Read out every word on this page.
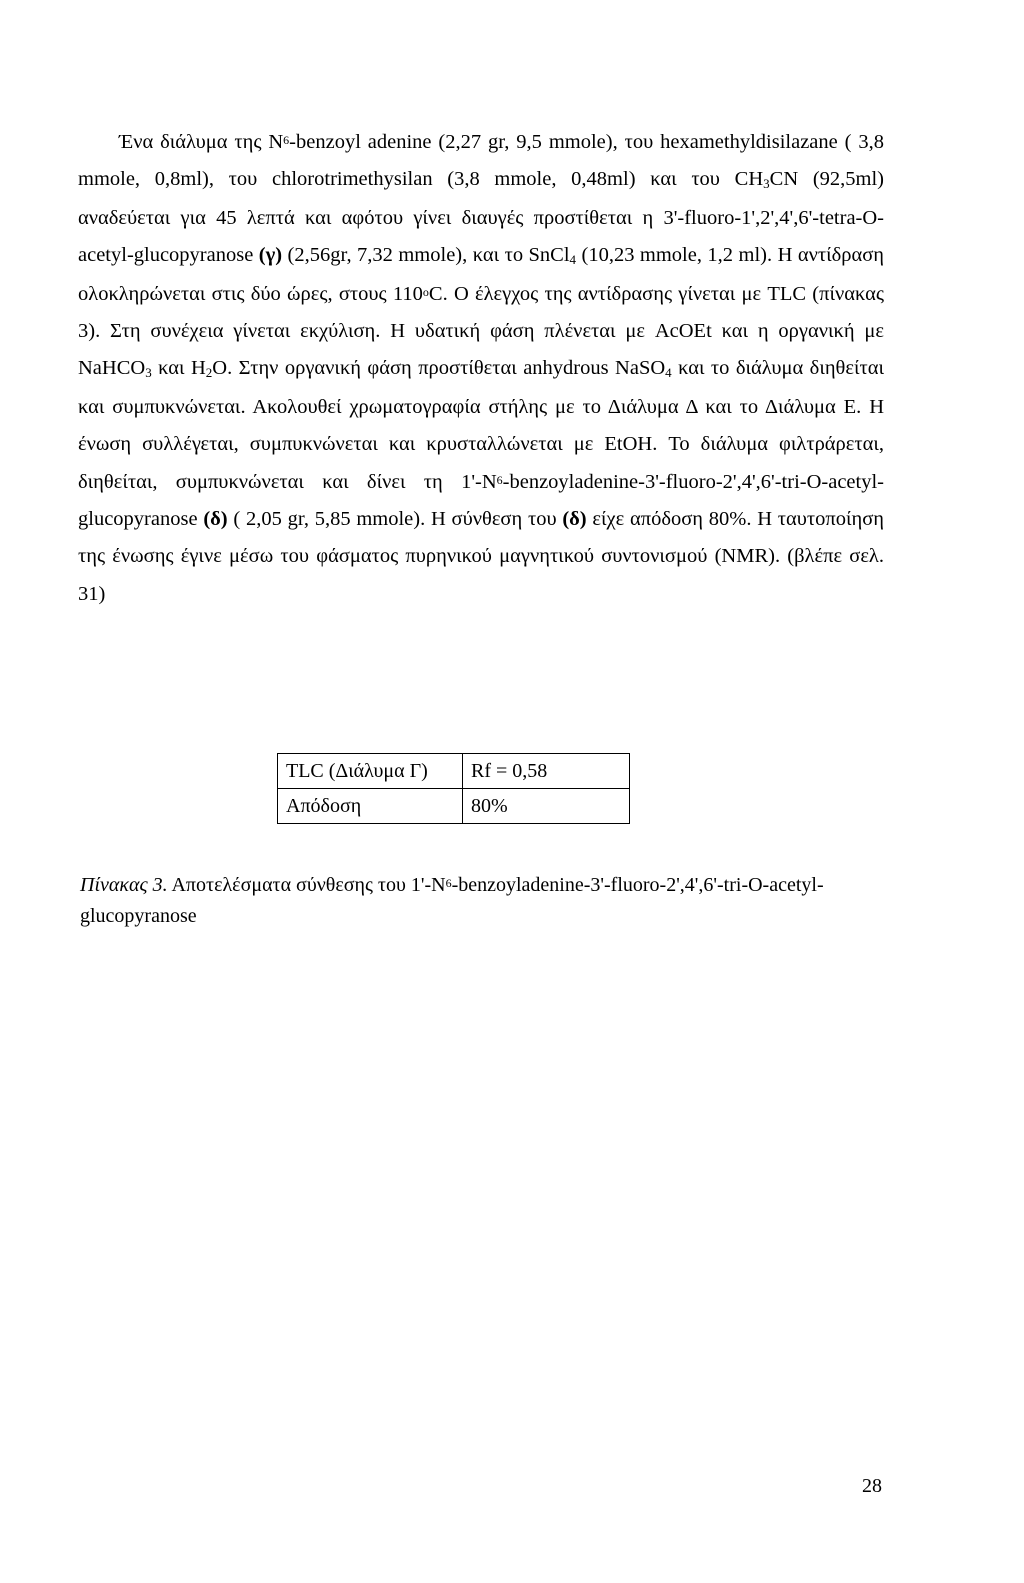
Ένα διάλυμα της $N^6$-benzoyl adenine (2,27 gr, 9,5 mmole), του hexamethyldisilazane ( 3,8 mmole, 0,8ml), του chlorotrimethysilan (3,8 mmole, 0,48ml) και του $CH_3CN$ (92,5ml) αναδεύεται για 45 λεπτά και αφότου γίνει διαυγές προστίθεται η 3'-fluoro-1',2',4',6'-tetra-O-acetyl-glucopyranose (γ) (2,56gr, 7,32 mmole), και το SnCl$_4$ (10,23 mmole, 1,2 ml). Η αντίδραση ολοκληρώνεται στις δύο ώρες, στους 110$^o$C. Ο έλεγχος της αντίδρασης γίνεται με TLC (πίνακας 3). Στη συνέχεια γίνεται εκχύλιση. Η υδατική φάση πλένεται με AcOEt και η οργανική με NaHCO$_3$ και $H_2O$. Στην οργανική φάση προστίθεται anhydrous NaSO$_4$ και το διάλυμα διηθείται και συμπυκνώνεται. Ακολουθεί χρωματογραφία στήλης με το Διάλυμα Δ και το Διάλυμα Ε. Η ένωση συλλέγεται, συμπυκνώνεται και κρυσταλλώνεται με EtOH. Το διάλυμα φιλτράρεται, διηθείται, συμπυκνώνεται και δίνει τη $1'-N^6-benzoyladenine-3'-fluoro-2',4',6'-tri-O-acetyl$-glucopyranose (δ) ( 2,05 gr, 5,85 mmole). Η σύνθεση του (δ) είχε απόδοση 80%. Η ταυτοποίηση της ένωσης έγινε μέσω του φάσματος πυρηνικού μαγνητικού συντονισμού (NMR). (βλέπε σελ. 31)

TLC (Διάλυμα Γ)	Rf = 0,58
Απόδοση	80%

Πίνακας 3. Αποτελέσματα σύνθεσης του $1'-N^6-benzoyladenine-3'-fluoro-2',4',6'-tri-O-acetyl$-glucopyranose

28
